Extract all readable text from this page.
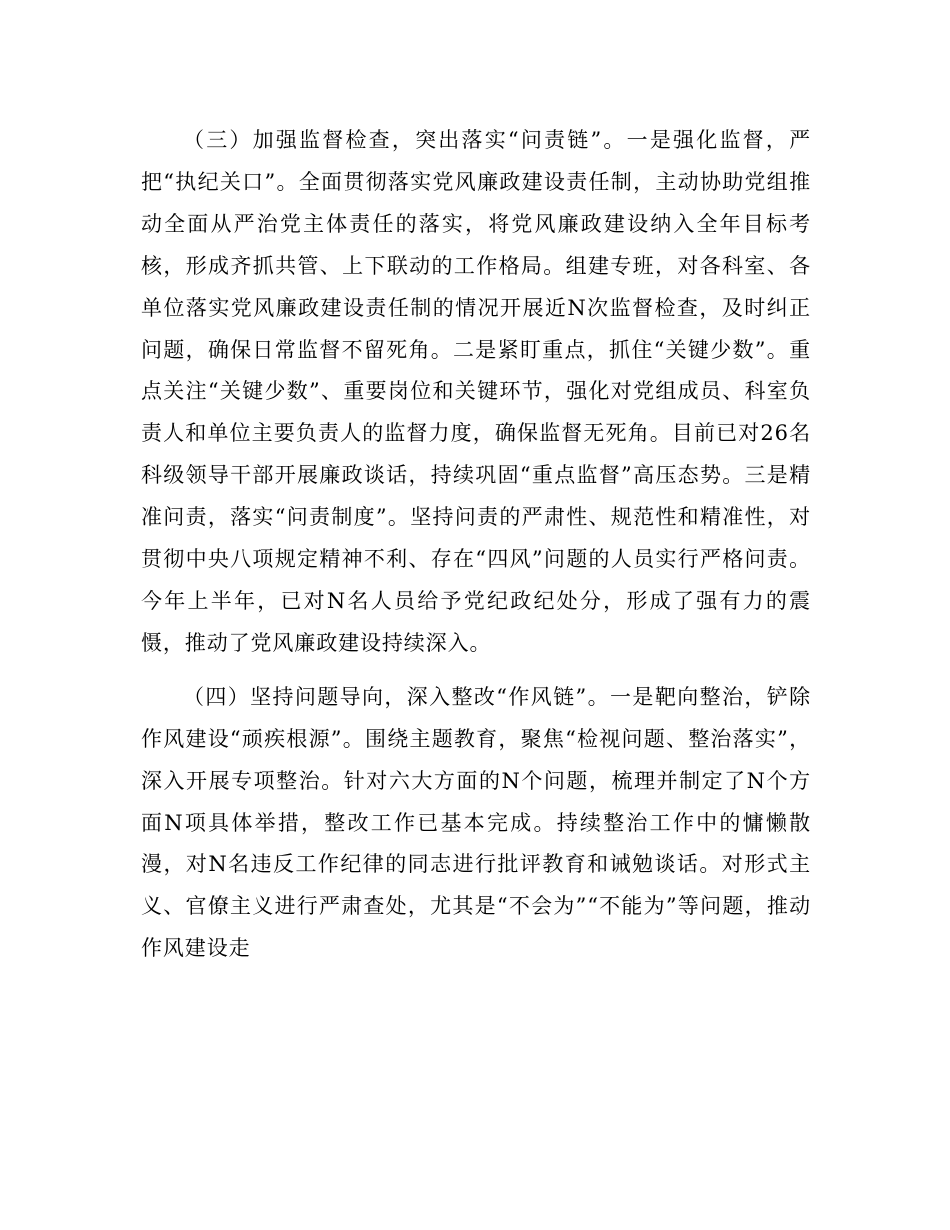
（三）加强监督检查，突出落实“问责链”。一是强化监督，严把“执纪关口”。全面贯彻落实党风廉政建设责任制，主动协助党组推动全面从严治党主体责任的落实，将党风廉政建设纳入全年目标考核，形成齐抓共管、上下联动的工作格局。组建专班，对各科室、各单位落实党风廉政建设责任制的情况开展近N次监督检查，及时纠正问题，确保日常监督不留死角。二是紧盯重点，抓住“关键少数”。重点关注“关键少数”、重要岗位和关键环节，强化对党组成员、科室负责人和单位主要负责人的监督力度，确保监督无死角。目前已对26名科级领导干部开展廉政谈话，持续巩固“重点监督”高压态势。三是精准问责，落实“问责制度”。坚持问责的严肃性、规范性和精准性，对贯彻中央八项规定精神不利、存在“四风”问题的人员实行严格问责。今年上半年，已对N名人员给予党纪政纪处分，形成了强有力的震慑，推动了党风廉政建设持续深入。

（四）坚持问题导向，深入整改“作风链”。一是靶向整治，铲除作风建设“顽疾根源”。围绕主题教育，聚焦“检视问题、整治落实”，深入开展专项整治。针对六大方面的N个问题，梳理并制定了N个方面N项具体举措，整改工作已基本完成。持续整治工作中的慵懒散漫，对N名违反工作纪律的同志进行批评教育和诫勉谈话。对形式主义、官僚主义进行严肃查处，尤其是“不会为”“不能为”等问题，推动作风建设走
